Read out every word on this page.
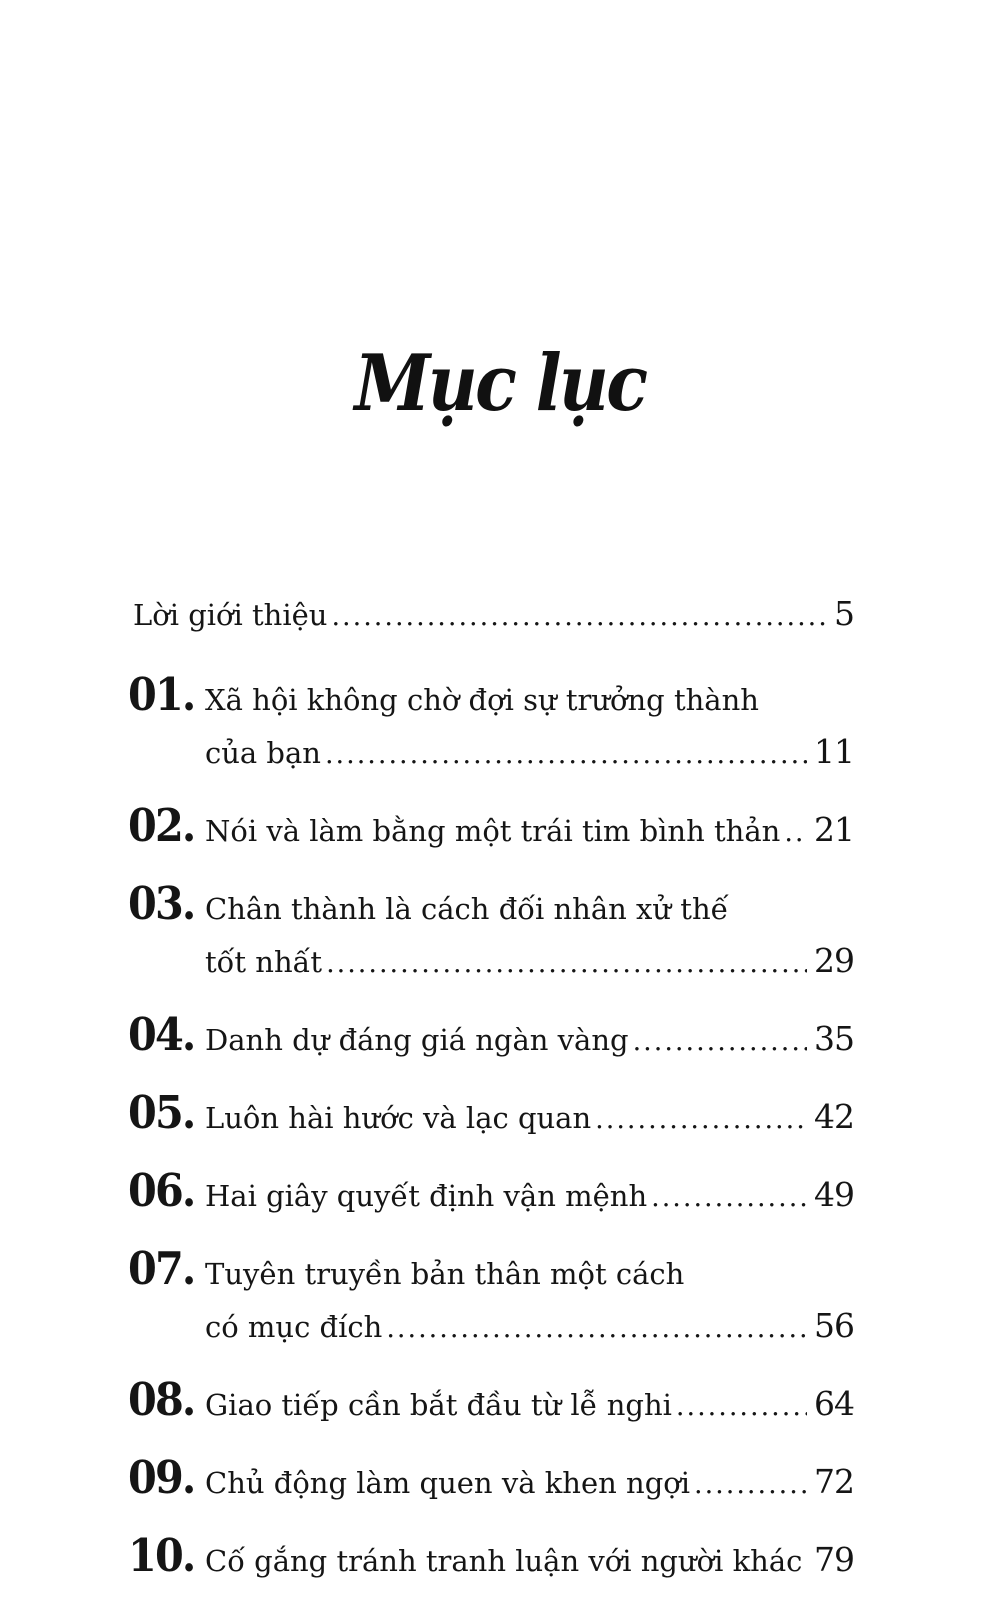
Mục lục
Lời giới thiệu .....	5
01. Xã hội không chờ đợi sự trưởng thành
của bạn .....	11
02. Nói và làm bằng một trái tim bình thản ..... 21
03. Chân thành là cách đối nhân xử thế
tốt nhất .....	29
04. Danh dự đáng giá ngàn vàng .....	35
05. Luôn hài hước và lạc quan .....	42
06. Hai giây quyết định vận mệnh .....	49
07. Tuyên truyền bản thân một cách
có mục đích .....	56
08. Giao tiếp cần bắt đầu từ lễ nghi .....	64
09. Chủ động làm quen và khen ngợi .....	72
10. Cố gắng tránh tranh luận với người khác ..... 79
